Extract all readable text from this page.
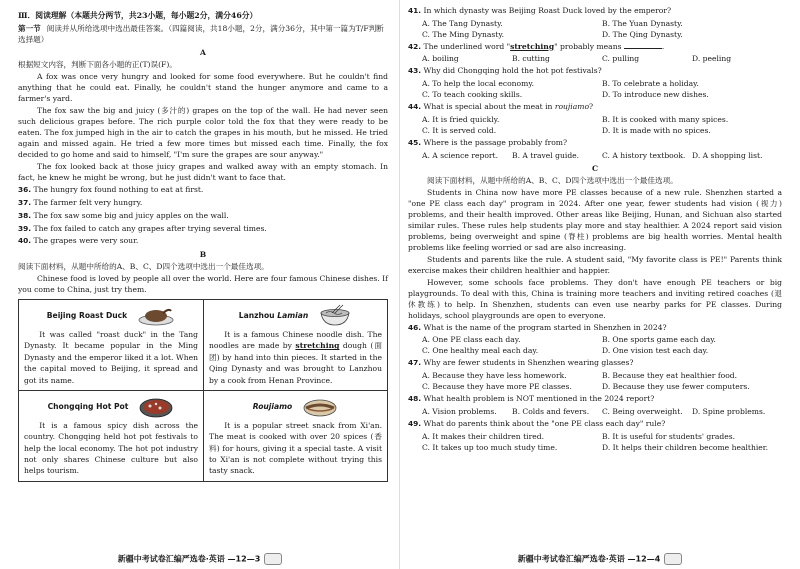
Ⅲ．阅读理解（本题共分两节，共23小题，每小题2分，满分46分）
第一节 阅读并从所给选项中选出最佳答案。（四篇阅读，共18小题，2分，满分36分，其中第一篇为T/F判断选择题）
A
根据短文内容，判断下面各小题的正(T)误(F)。
A fox was once very hungry and looked for some food everywhere. But he couldn't find anything that he could eat. Finally, he couldn't stand the hunger anymore and came to a farmer's yard.
The fox saw the big and juicy (多汁的) grapes on the top of the wall. He had never seen such delicious grapes before. The rich purple color told the fox that they were ready to be eaten. The fox jumped high in the air to catch the grapes in his mouth, but he missed. He tried again and missed again. He tried a few more times but missed each time. Finally, the fox decided to go home and said to himself, "I'm sure the grapes are sour anyway."
The fox looked back at those juicy grapes and walked away with an empty stomach. In fact, he knew he might be wrong, but he just didn't want to face that.
36. The hungry fox found nothing to eat at first.
37. The farmer felt very hungry.
38. The fox saw some big and juicy apples on the wall.
39. The fox failed to catch any grapes after trying several times.
40. The grapes were very sour.
B
阅读下面材料，从题中所给的A、B、C、D四个选项中选出一个最佳选项。
Chinese food is loved by people all over the world. Here are four famous Chinese dishes. If you come to China, just try them.
Beijing Roast Duck
It was called "roast duck" in the Tang Dynasty. It became popular in the Ming Dynasty and the emperor liked it a lot. When the capital moved to Beijing, it spread and got its name.
Lanzhou Lamian
It is a famous Chinese noodle dish. The noodles are made by stretching dough (面团) by hand into thin pieces. It started in the Qing Dynasty and was brought to Lanzhou by a cook from Henan Province.
Chongqing Hot Pot
It is a famous spicy dish across the country. Chongqing held hot pot festivals to help the local economy. The hot pot industry not only shares Chinese culture but also helps tourism.
Roujiamo
It is a popular street snack from Xi'an. The meat is cooked with over 20 spices (香料) for hours, giving it a special taste. A visit to Xi'an is not complete without trying this tasty snack.
新疆中考试卷汇编严选卷·英语 —12—3
41. In which dynasty was Beijing Roast Duck loved by the emperor?
A. The Tang Dynasty.	B. The Yuan Dynasty.
C. The Ming Dynasty.	D. The Qing Dynasty.
42. The underlined word "stretching" probably means	.
A. boiling	B. cutting	C. pulling	D. peeling
43. Why did Chongqing hold the hot pot festivals?
A. To help the local economy.	B. To celebrate a holiday.
C. To teach cooking skills.	D. To introduce new dishes.
44. What is special about the meat in roujiamo?
A. It is fried quickly.	B. It is cooked with many spices.
C. It is served cold.	D. It is made with no spices.
45. Where is the passage probably from?
A. A science report.	B. A travel guide.	C. A history textbook. D. A shopping list.
C
阅读下面材料，从题中所给的A、B、C、D四个选项中选出一个最佳选项。
Students in China now have more PE classes because of a new rule. Shenzhen started a "one PE class each day" program in 2024. After one year, fewer students had vision (视力) problems, and their health improved. Other areas like Beijing, Hunan, and Sichuan also started similar rules. These rules help students play more and stay healthier. A 2024 report said vision problems, being overweight and spine (脊柱) problems are big health worries. Mental health problems like feeling worried or sad are also increasing.
Students and parents like the rule. A student said, "My favorite class is PE!" Parents think exercise makes their children healthier and happier.
However, some schools face problems. They don't have enough PE teachers or big playgrounds. To deal with this, China is training more teachers and inviting retired coaches (退休教练) to help. In Shenzhen, students can even use nearby parks for PE classes. During holidays, school playgrounds are open to everyone.
46. What is the name of the program started in Shenzhen in 2024?
A. One PE class each day.	B. One sports game each day.
C. One healthy meal each day.	D. One vision test each day.
47. Why are fewer students in Shenzhen wearing glasses?
A. Because they have less homework.	B. Because they eat healthier food.
C. Because they have more PE classes.	D. Because they use fewer computers.
48. What health problem is NOT mentioned in the 2024 report?
A. Vision problems.	B. Colds and fevers.	C. Being overweight.	D. Spine problems.
49. What do parents think about the "one PE class each day" rule?
A. It makes their children tired.	B. It is useful for students' grades.
C. It takes up too much study time.	D. It helps their children become healthier.
新疆中考试卷汇编严选卷·英语 —12—4
